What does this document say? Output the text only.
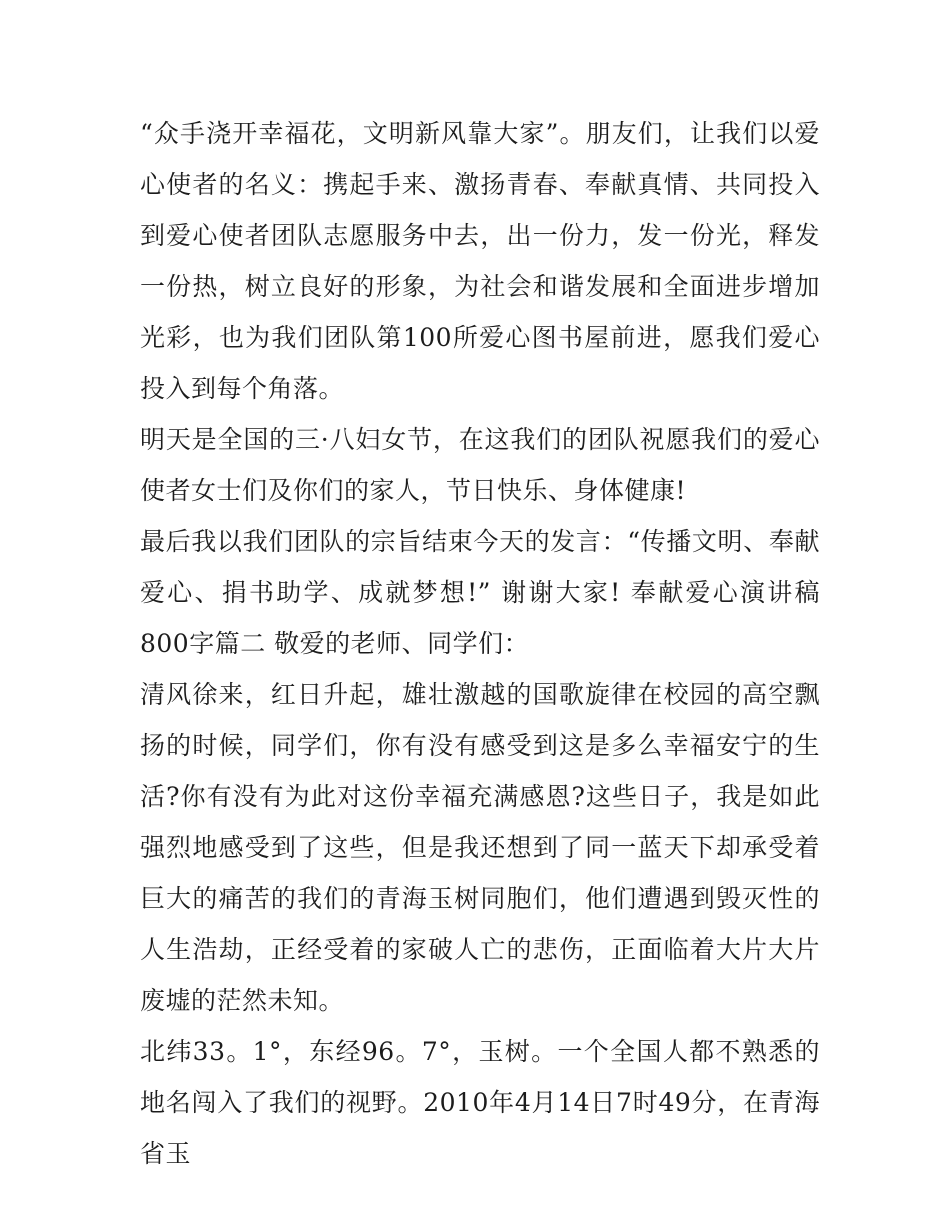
“众手浇开幸福花，文明新风靠大家”。朋友们，让我们以爱心使者的名义：携起手来、激扬青春、奉献真情、共同投入到爱心使者团队志愿服务中去，出一份力，发一份光，释发一份热，树立良好的形象，为社会和谐发展和全面进步增加光彩，也为我们团队第100所爱心图书屋前进，愿我们爱心投入到每个角落。

明天是全国的三·八妇女节，在这我们的团队祝愿我们的爱心使者女士们及你们的家人，节日快乐、身体健康!

最后我以我们团队的宗旨结束今天的发言：“传播文明、奉献爱心、捐书助学、成就梦想!” 谢谢大家! 奉献爱心演讲稿800字篇二 敬爱的老师、同学们：

清风徐来，红日升起，雄壮激越的国歌旋律在校园的高空飘扬的时候，同学们，你有没有感受到这是多么幸福安宁的生活?你有没有为此对这份幸福充满感恩?这些日子，我是如此强烈地感受到了这些，但是我还想到了同一蓝天下却承受着巨大的痛苦的我们的青海玉树同胞们，他们遭遇到毁灭性的人生浩劫，正经受着的家破人亡的悲伤，正面临着大片大片废墟的茫然未知。

北纬33。1°，东经96。7°，玉树。一个全国人都不熟悉的地名闯入了我们的视野。2010年4月14日7时49分，在青海省玉
